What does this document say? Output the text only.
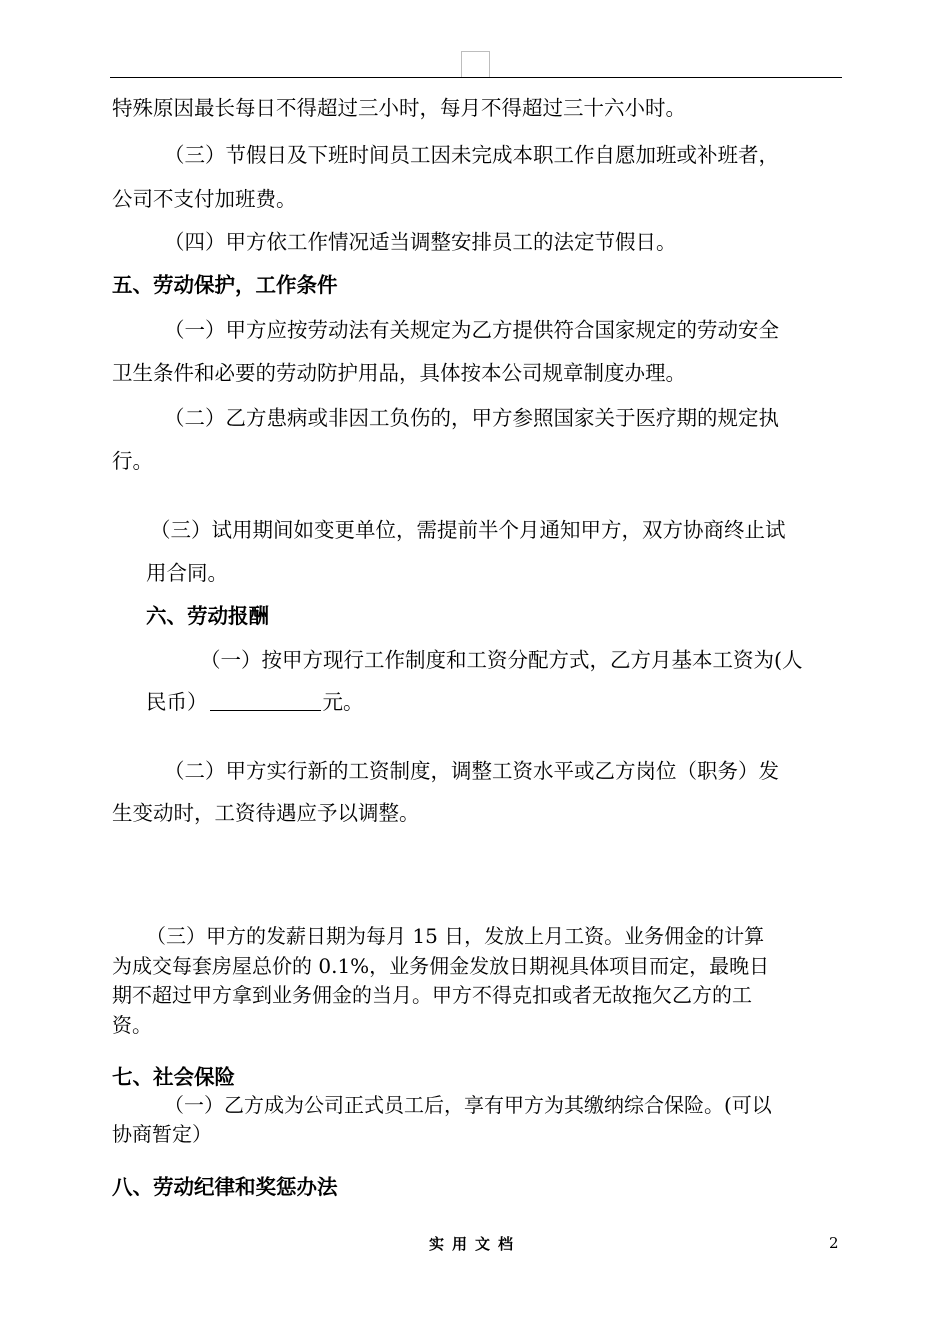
特殊原因最长每日不得超过三小时，每月不得超过三十六小时。
（三）节假日及下班时间员工因未完成本职工作自愿加班或补班者，
公司不支付加班费。
（四）甲方依工作情况适当调整安排员工的法定节假日。
五、劳动保护，工作条件
（一）甲方应按劳动法有关规定为乙方提供符合国家规定的劳动安全
卫生条件和必要的劳动防护用品，具体按本公司规章制度办理。
（二）乙方患病或非因工负伤的，甲方参照国家关于医疗期的规定执
行。
（三）试用期间如变更单位，需提前半个月通知甲方，双方协商终止试
用合同。
六、劳动报酬
（一）按甲方现行工作制度和工资分配方式，乙方月基本工资为(人
民币）	元。
（二）甲方实行新的工资制度，调整工资水平或乙方岗位（职务）发
生变动时，工资待遇应予以调整。
（三）甲方的发薪日期为每月 15 日，发放上月工资。业务佣金的计算
为成交每套房屋总价的 0.1%，业务佣金发放日期视具体项目而定，最晚日
期不超过甲方拿到业务佣金的当月。甲方不得克扣或者无故拖欠乙方的工
资。
七、社会保险
（一）乙方成为公司正式员工后，享有甲方为其缴纳综合保险。(可以
协商暂定）
八、劳动纪律和奖惩办法
实用文档	2
